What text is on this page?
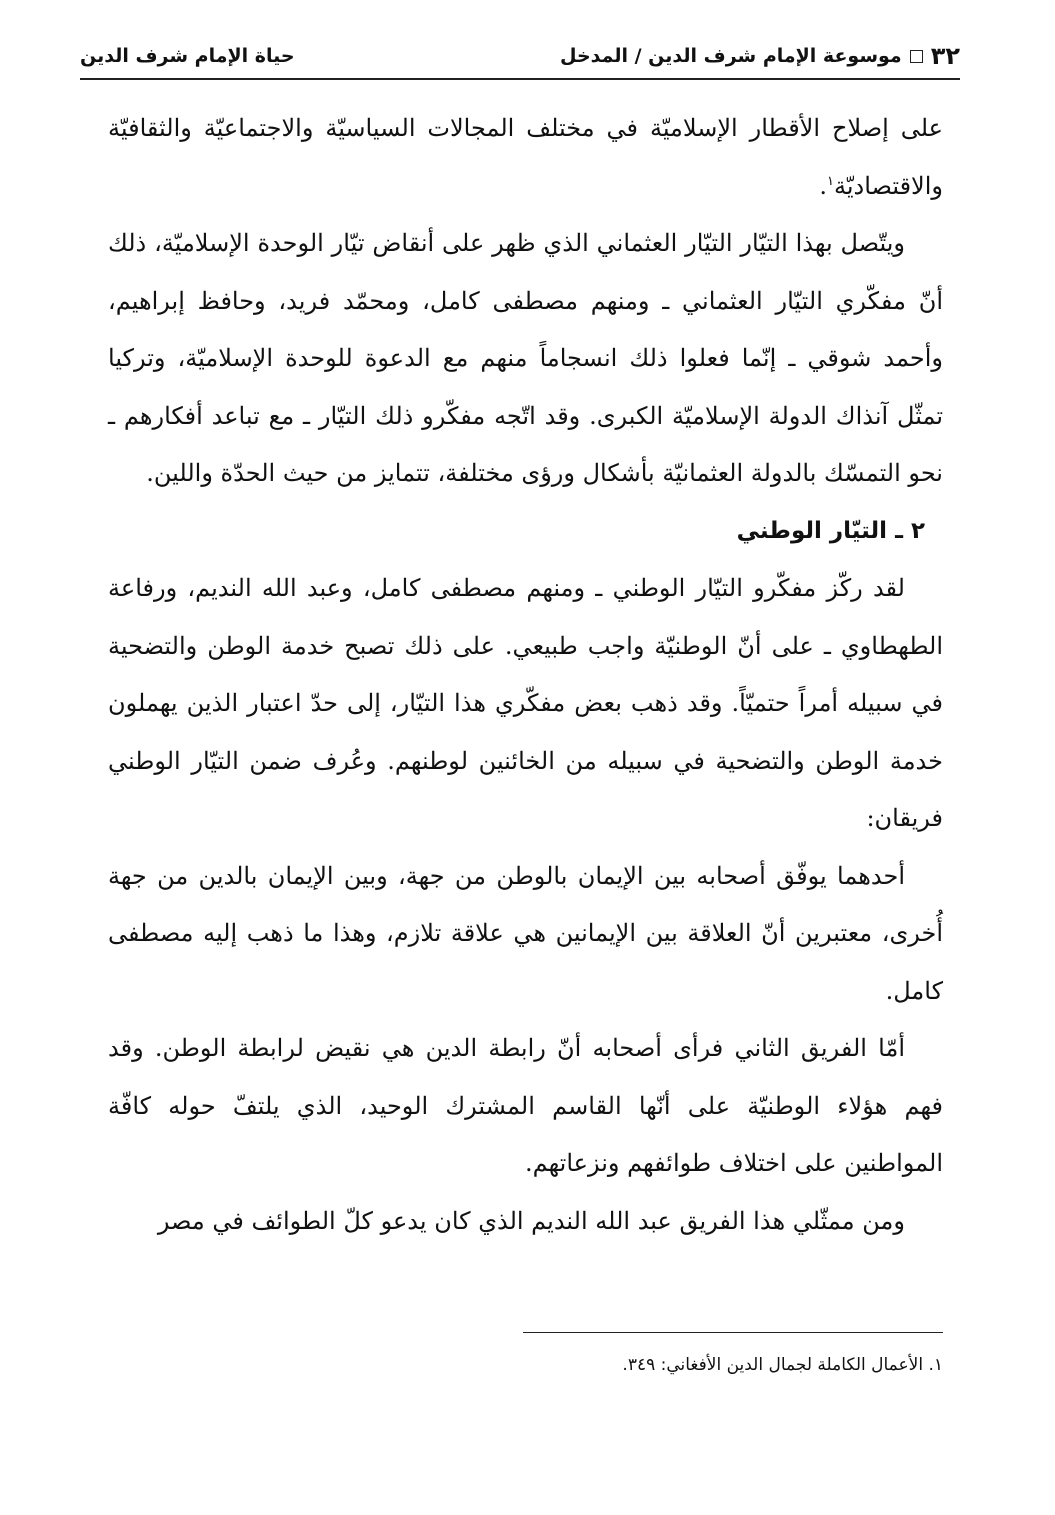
٣٢
موسوعة الإمام شرف الدين / المدخل
حياة الإمام شرف الدين

على إصلاح الأقطار الإسلاميّة في مختلف المجالات السياسيّة والاجتماعيّة والثقافيّة والاقتصاديّة$^١$.

ويتّصل بهذا التيّار التيّار العثماني الذي ظهر على أنقاض تيّار الوحدة الإسلاميّة، ذلك أنّ مفكّري التيّار العثماني ـ ومنهم مصطفى كامل، ومحمّد فريد، وحافظ إبراهيم، وأحمد شوقي ـ إنّما فعلوا ذلك انسجاماً منهم مع الدعوة للوحدة الإسلاميّة، وتركيا تمثّل آنذاك الدولة الإسلاميّة الكبرى. وقد اتّجه مفكّرو ذلك التيّار ـ مع تباعد أفكارهم ـ نحو التمسّك بالدولة العثمانيّة بأشكال ورؤى مختلفة، تتمايز من حيث الحدّة واللين.

٢ ـ التيّار الوطني

لقد ركّز مفكّرو التيّار الوطني ـ ومنهم مصطفى كامل، وعبد الله النديم، ورفاعة الطهطاوي ـ على أنّ الوطنيّة واجب طبيعي. على ذلك تصبح خدمة الوطن والتضحية في سبيله أمراً حتميّاً. وقد ذهب بعض مفكّري هذا التيّار، إلى حدّ اعتبار الذين يهملون خدمة الوطن والتضحية في سبيله من الخائنين لوطنهم. وعُرف ضمن التيّار الوطني فريقان:

أحدهما يوفّق أصحابه بين الإيمان بالوطن من جهة، وبين الإيمان بالدين من جهة أُخرى، معتبرين أنّ العلاقة بين الإيمانين هي علاقة تلازم، وهذا ما ذهب إليه مصطفى كامل.

أمّا الفريق الثاني فرأى أصحابه أنّ رابطة الدين هي نقيض لرابطة الوطن. وقد فهم هؤلاء الوطنيّة على أنّها القاسم المشترك الوحيد، الذي يلتفّ حوله كافّة المواطنين على اختلاف طوائفهم ونزعاتهم.

ومن ممثّلي هذا الفريق عبد الله النديم الذي كان يدعو كلّ الطوائف في مصر

١. الأعمال الكاملة لجمال الدين الأفغاني: ٣٤٩.
